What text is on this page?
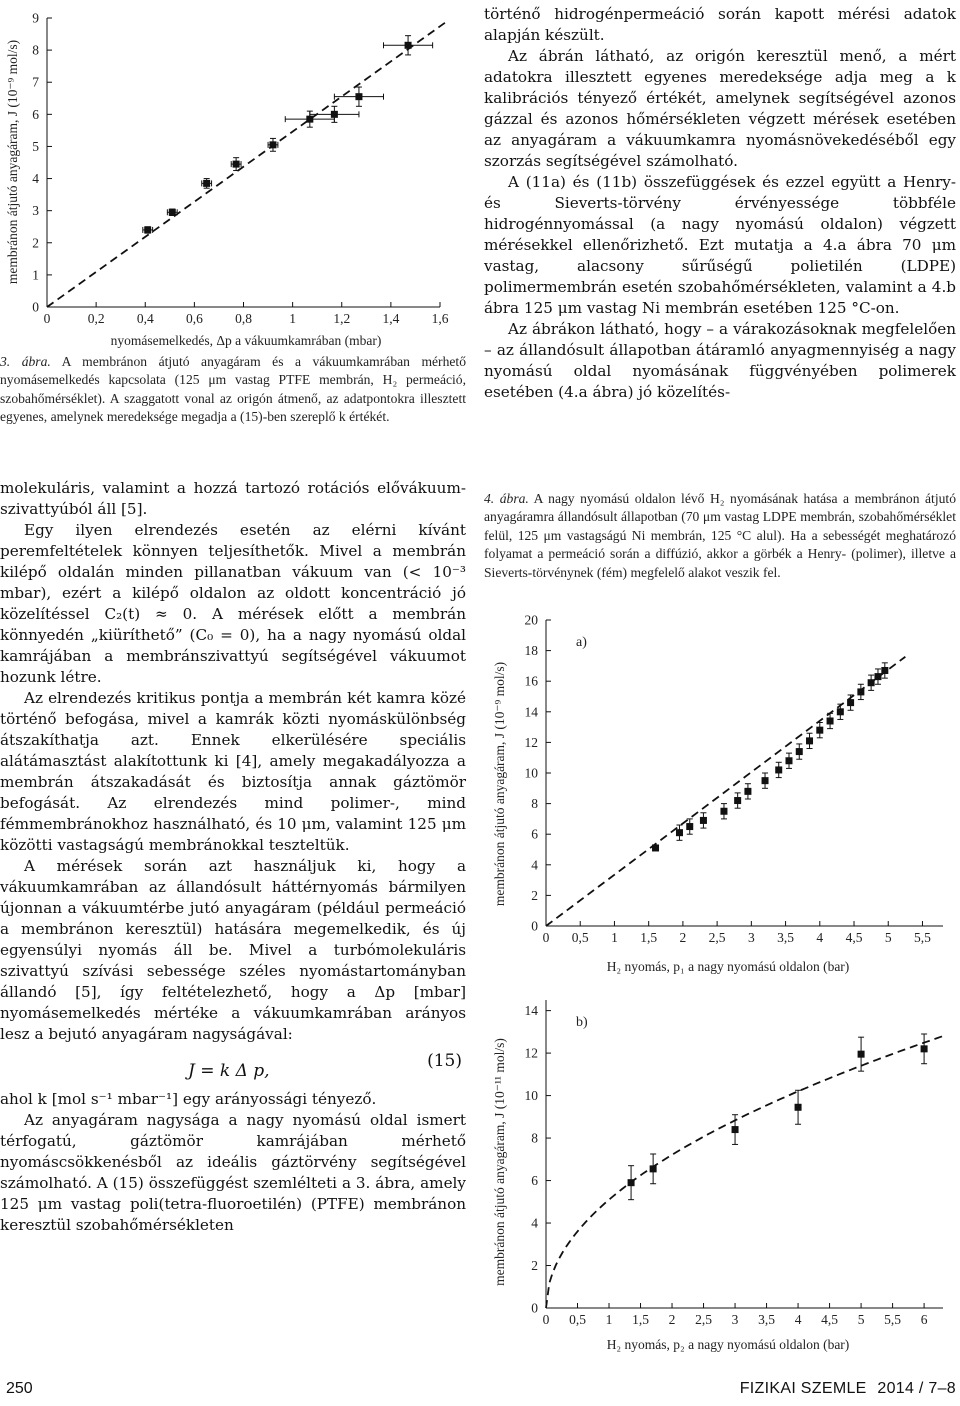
0	0,2 0,4 0,6 0,8	1	1,2 1,4 1,6
0
1
2
3
4
5
6
7
8
9
membránon átjutó anyagáram, J (10⁻⁹ mol/s)
nyomásemelkedés, Δp a vákuumkamrában (mbar)
3. ábra. A membránon átjutó anyagáram és a vákuumkamrában mérhető nyomásemelkedés kapcsolata (125 μm vastag PTFE membrán, H₂ permeáció, szobahőmérséklet). A szaggatott vonal az origón átmenő, az adatpontokra illesztett egyenes, amelynek meredeksége megadja a (15)-ben szereplő k értékét.

molekuláris, valamint a hozzá tartozó rotációs elővákuum-szivattyúból áll [5].

Egy ilyen elrendezés esetén az elérni kívánt peremfeltételek könnyen teljesíthetők. Mivel a membrán kilépő oldalán minden pillanatban vákuum van (< 10⁻³ mbar), ezért a kilépő oldalon az oldott koncentráció jó közelítéssel C₂(t) ≈ 0. A mérések előtt a membrán könnyedén „kiüríthető” (C₀ = 0), ha a nagy nyomású oldal kamrájában a membránszivattyú segítségével vákuumot hozunk létre.

Az elrendezés kritikus pontja a membrán két kamra közé történő befogása, mivel a kamrák közti nyomáskülönbség átszakíthatja azt. Ennek elkerülésére speciális alátámasztást alakítottunk ki [4], amely megakadályozza a membrán átszakadását és biztosítja annak gáztömör befogását. Az elrendezés mind polimer-, mind fémmembránokhoz használható, és 10 μm, valamint 125 μm közötti vastagságú membránokkal teszteltük.

A mérések során azt használjuk ki, hogy a vákuumkamrában az állandósult háttérnyomás bármilyen újonnan a vákuumtérbe jutó anyagáram (például permeáció a membránon keresztül) hatására megemelkedik, és új egyensúlyi nyomás áll be. Mivel a turbómolekuláris szivattyú szívási sebessége széles nyomástartományban állandó [5], így feltételezhető, hogy a Δp [mbar] nyomásemelkedés mértéke a vákuumkamrában arányos lesz a bejutó anyagáram nagyságával:

J = k Δ p,	(15)

ahol k [mol s⁻¹ mbar⁻¹] egy arányossági tényező.

Az anyagáram nagysága a nagy nyomású oldal ismert térfogatú, gáztömör kamrájában mérhető nyomáscsökkenésből az ideális gáztörvény segítségével számolható. A (15) összefüggést szemlélteti a 3. ábra, amely 125 μm vastag poli(tetra-fluoroetilén) (PTFE) membránon keresztül szobahőmérsékleten

történő hidrogénpermeáció során kapott mérési adatok alapján készült.

Az ábrán látható, az origón keresztül menő, a mért adatokra illesztett egyenes meredeksége adja meg a k kalibrációs tényező értékét, amelynek segítségével azonos gázzal és azonos hőmérsékleten végzett mérések esetében az anyagáram a vákuumkamra nyomásnövekedéséből egy szorzás segítségével számolható.

A (11a) és (11b) összefüggések és ezzel együtt a Henry- és Sieverts-törvény érvényessége többféle hidrogénnyomással (a nagy nyomású oldalon) végzett mérésekkel ellenőrizhető. Ezt mutatja a 4.a ábra 70 μm vastag, alacsony sűrűségű polietilén (LDPE) polimermembrán esetén szobahőmérsékleten, valamint a 4.b ábra 125 μm vastag Ni membrán esetében 125 °C-on.

Az ábrákon látható, hogy – a várakozásoknak megfelelően – az állandósult állapotban átáramló anyagmennyiség a nagy nyomású oldal nyomásának függvényében polimerek esetében (4.a ábra) jó közelítés-

4. ábra. A nagy nyomású oldalon lévő H₂ nyomásának hatása a membránon átjutó anyagáramra állandósult állapotban (70 μm vastag LDPE membrán, szobahőmérséklet felül, 125 μm vastagságú Ni membrán, 125 °C alul). Ha a sebességét meghatározó folyamat a permeáció során a diffúzió, akkor a görbék a Henry- (polimer), illetve a Sieverts-törvénynek (fém) megfelelő alakot veszik fel.
0 0,5 1 1,5 2 2,5 3 3,5 4 4,5 5 5,5
0
2
4
6
8
10
12
14
16
18
20
a)
membránon átjutó anyagáram, J (10⁻⁹ mol/s)
H₂ nyomás, p₁ a nagy nyomású oldalon (bar)
0 0,5 1 1,5 2 2,5 3 3,5 4 4,5 5 5,5 6
0
2
4
6
8
10
12
14
b)
membránon átjutó anyagáram, J (10⁻¹¹ mol/s)
H₂ nyomás, p₂ a nagy nyomású oldalon (bar)
250	FIZIKAI SZEMLE 2014 / 7–8
